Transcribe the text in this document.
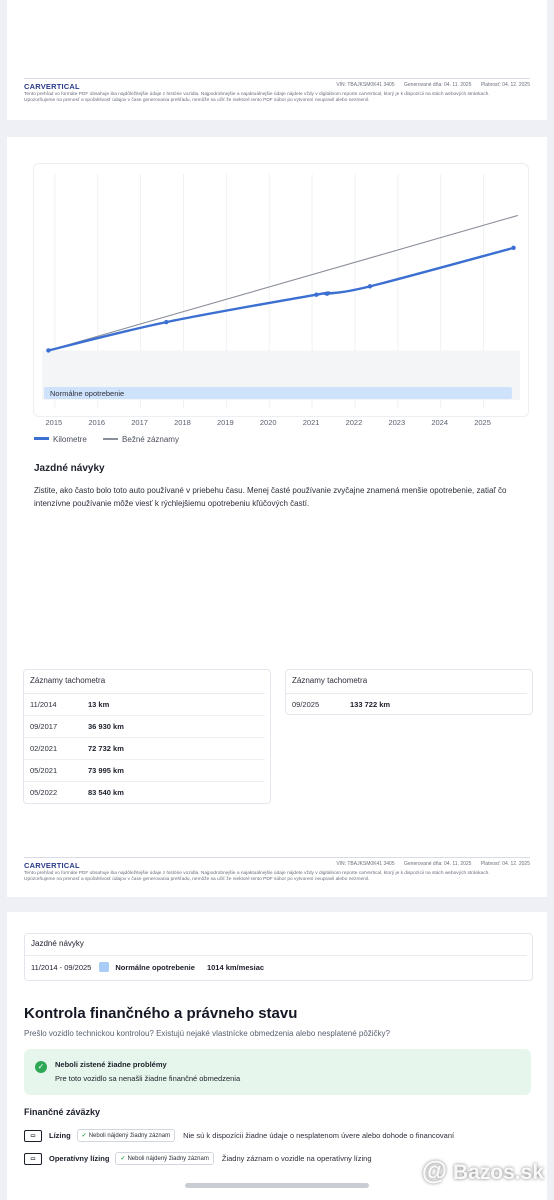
CARVERTICAL	VIN: TBAJKSM0K41 3405 Generované dňa: 04. 11. 2025 Platnosť: 04. 12. 2025
Tento prehľad vo formáte PDF obsahuje iba najdôležitejšie údaje z histórie vozidla. Najpodrobnejšie a najaktuálnejšie údaje nájdete vždy v digitálnom reporte carVertical, ktorý je k dispozícii na stách webových stránkach. Upozorňujeme na prenosť a spoľahlivosť údajov v čase generovania prehľadu, nemôže sa učiť že niektoré tento PDF súbor po vytvorení neupravil alebo nezmenil.
Normálne opotrebenie
Kilometre	Bežné záznamy
Jazdné návyky
Zistite, ako často bolo toto auto používané v priebehu času. Menej časté používanie zvyčajne znamená menšie opotrebenie, zatiaľ čo intenzívne používanie môže viesť k rýchlejšiemu opotrebeniu kľúčových častí.
Záznamy tachometra
11/2014	13 km
09/2017	36 930 km
02/2021	72 732 km
05/2021	73 995 km
05/2022	83 540 km
Záznamy tachometra
09/2025	133 722 km
CARVERTICAL	VIN: TBAJKSM0K41 3405 Generované dňa: 04. 11. 2025 Platnosť: 04. 12. 2025
Tento prehľad vo formáte PDF obsahuje iba najdôležitejšie údaje z histórie vozidla. Najpodrobnejšie a najaktuálnejšie údaje nájdete vždy v digitálnom reporte carVertical, ktorý je k dispozícii na stách webových stránkach. Upozorňujeme na prenosť a spoľahlivosť údajov v čase generovania prehľadu, nemôže sa učiť že niektoré tento PDF súbor po vytvorení neupravil alebo nezmenil.
2015	2016	2017	2018	2019	2020	2021	2022	2023	2024	2025
Jazdné návyky
11/2014 - 09/2025	Normálne opotrebenie 1014 km/mesiac
Kontrola finančného a právneho stavu
Prešlo vozidlo technickou kontrolou? Existujú nejaké vlastnícke obmedzenia alebo nesplatené pôžičky?
✓	Neboli zistené žiadne problémy
Pre toto vozidlo sa nenašli žiadne finančné obmedzenia
Finančné záväzky
▭	Lízing	✓ Neboli nájdený žiadny záznam	Nie sú k dispozícii žiadne údaje o nesplatenom úvere alebo dohode o financovaní
▭	Operatívny lízing	✓ Neboli nájdený žiadny záznam	Žiadny záznam o vozidle na operatívny lízing @ Bazos.sk
